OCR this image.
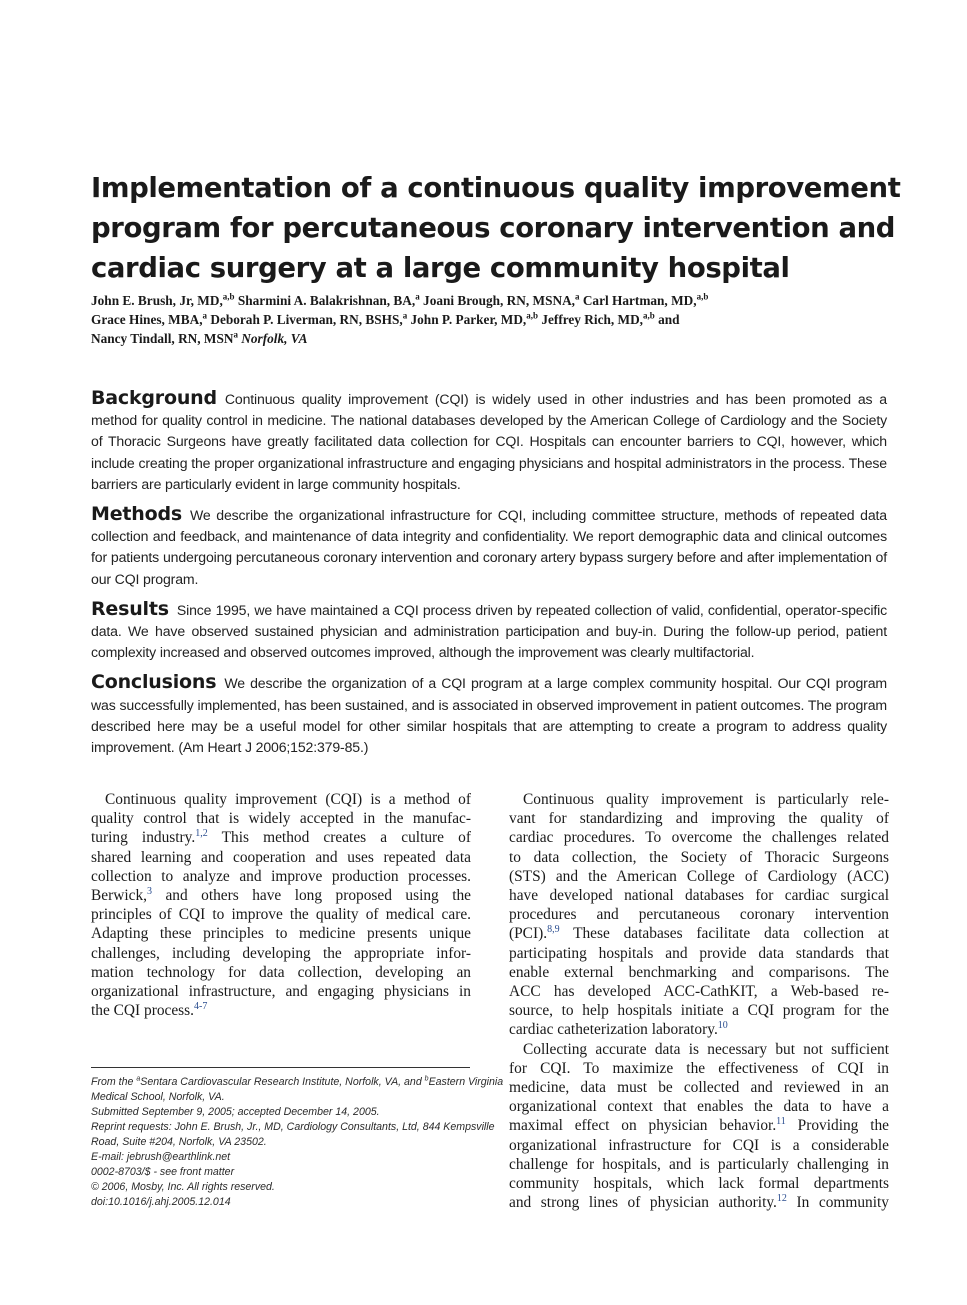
Implementation of a continuous quality improvement
program for percutaneous coronary intervention and
cardiac surgery at a large community hospital
John E. Brush, Jr, MD,$^{a,b}$ Sharmini A. Balakrishnan, BA,$^a$ Joani Brough, RN, MSNA,$^a$ Carl Hartman, MD,$^{a,b}$
Grace Hines, MBA,$^a$ Deborah P. Liverman, RN, BSHS,$^a$ John P. Parker, MD,$^{a,b}$ Jeffrey Rich, MD,$^{a,b}$ and
Nancy Tindall, RN, MSN$^a$ Norfolk, VA

Background Continuous quality improvement (CQI) is widely used in other industries and has been promoted as a method for quality control in medicine. The national databases developed by the American College of Cardiology and the Society of Thoracic Surgeons have greatly facilitated data collection for CQI. Hospitals can encounter barriers to CQI, however, which include creating the proper organizational infrastructure and engaging physicians and hospital administrators in the process. These barriers are particularly evident in large community hospitals.

Methods We describe the organizational infrastructure for CQI, including committee structure, methods of repeated data collection and feedback, and maintenance of data integrity and confidentiality. We report demographic data and clinical outcomes for patients undergoing percutaneous coronary intervention and coronary artery bypass surgery before and after implementation of our CQI program.

Results Since 1995, we have maintained a CQI process driven by repeated collection of valid, confidential, operator-specific data. We have observed sustained physician and administration participation and buy-in. During the follow-up period, patient complexity increased and observed outcomes improved, although the improvement was clearly multifactorial.

Conclusions We describe the organization of a CQI program at a large complex community hospital. Our CQI program was successfully implemented, has been sustained, and is associated in observed improvement in patient outcomes. The program described here may be a useful model for other similar hospitals that are attempting to create a program to address quality improvement. (Am Heart J 2006;152:379-85.)

Continuous quality improvement (CQI) is a method of
quality control that is widely accepted in the manufac-
turing industry.$^{1,2}$ This method creates a culture of
shared learning and cooperation and uses repeated data
collection to analyze and improve production processes.
Berwick,$^3$ and others have long proposed using the
principles of CQI to improve the quality of medical care.
Adapting these principles to medicine presents unique
challenges, including developing the appropriate infor-
mation technology for data collection, developing an
organizational infrastructure, and engaging physicians in
the CQI process.$^{4-7}$
Continuous quality improvement is particularly rele-
vant for standardizing and improving the quality of
cardiac procedures. To overcome the challenges related
to data collection, the Society of Thoracic Surgeons
(STS) and the American College of Cardiology (ACC)
have developed national databases for cardiac surgical
procedures and percutaneous coronary intervention
(PCI).$^{8,9}$ These databases facilitate data collection at
participating hospitals and provide data standards that
enable external benchmarking and comparisons. The
ACC has developed ACC-CathKIT, a Web-based re-
source, to help hospitals initiate a CQI program for the
cardiac catheterization laboratory.$^{10}$
Collecting accurate data is necessary but not sufficient
for CQI. To maximize the effectiveness of CQI in
medicine, data must be collected and reviewed in an
organizational context that enables the data to have a
maximal effect on physician behavior.$^{11}$ Providing the
organizational infrastructure for CQI is a considerable
challenge for hospitals, and is particularly challenging in
community hospitals, which lack formal departments
and strong lines of physician authority.$^{12}$ In community
From the $^a$Sentara Cardiovascular Research Institute, Norfolk, VA, and $^b$Eastern Virginia
Medical School, Norfolk, VA.
Submitted September 9, 2005; accepted December 14, 2005.
Reprint requests: John E. Brush, Jr., MD, Cardiology Consultants, Ltd, 844 Kempsville
Road, Suite #204, Norfolk, VA 23502.
E-mail: jebrush@earthlink.net
0002-8703/$ - see front matter
© 2006, Mosby, Inc. All rights reserved.
doi:10.1016/j.ahj.2005.12.014
